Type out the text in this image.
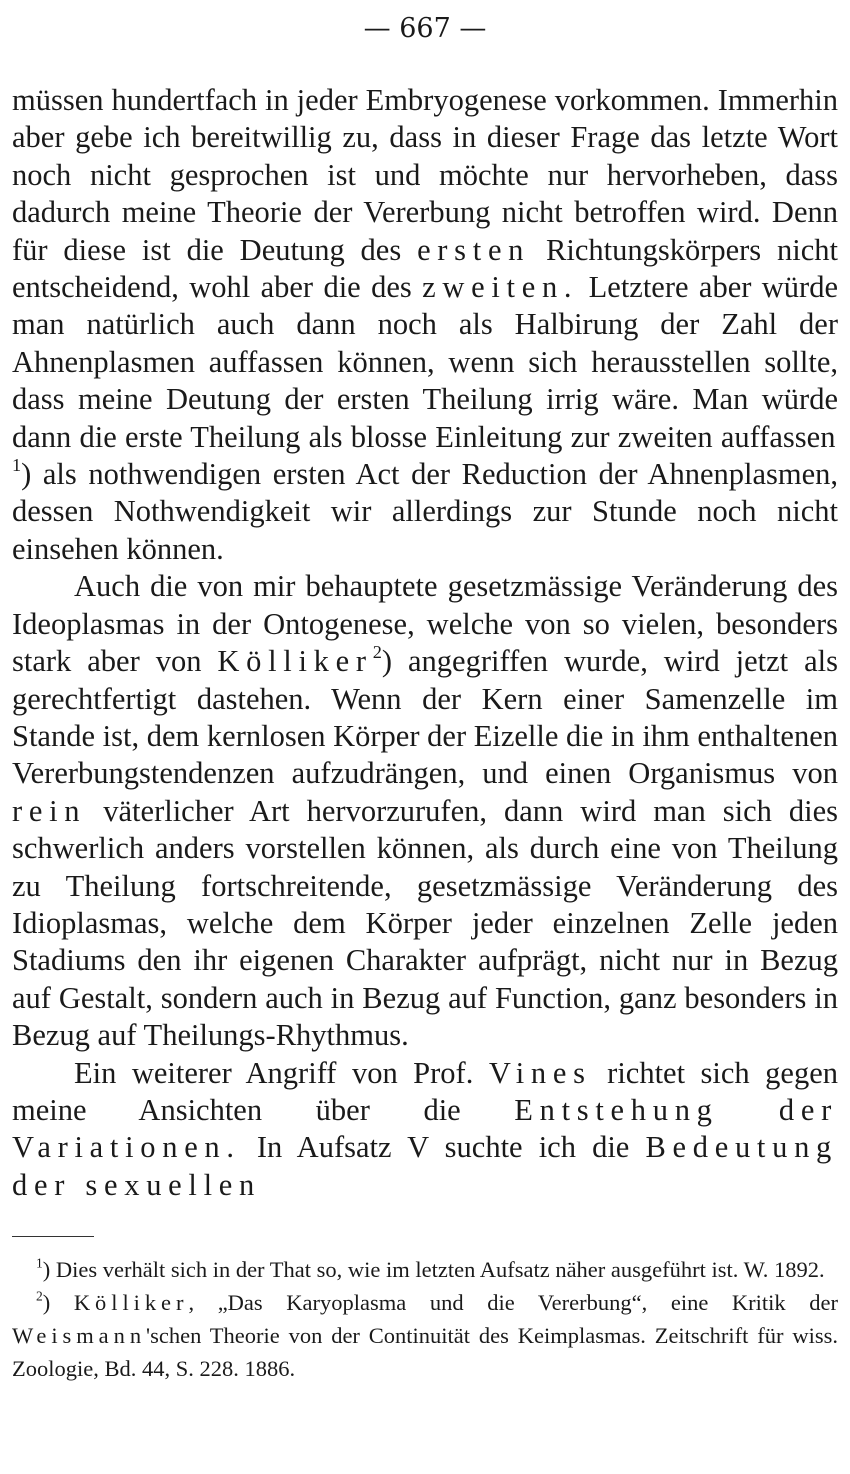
— 667 —

müssen hundertfach in jeder Embryogenese vorkommen. Immerhin aber gebe ich bereitwillig zu, dass in dieser Frage das letzte Wort noch nicht gesprochen ist und möchte nur hervorheben, dass dadurch meine Theorie der Vererbung nicht betroffen wird. Denn für diese ist die Deutung des ersten Richtungskörpers nicht entscheidend, wohl aber die des zweiten. Letztere aber würde man natürlich auch dann noch als Halbirung der Zahl der Ahnenplasmen auffassen können, wenn sich herausstellen sollte, dass meine Deutung der ersten Theilung irrig wäre. Man würde dann die erste Theilung als blosse Einleitung zur zweiten auffassen $^1$) als nothwendigen ersten Act der Reduction der Ahnenplasmen, dessen Nothwendigkeit wir allerdings zur Stunde noch nicht einsehen können.

Auch die von mir behauptete gesetzmässige Veränderung des Ideoplasmas in der Ontogenese, welche von so vielen, besonders stark aber von Kölliker$^2$) angegriffen wurde, wird jetzt als gerechtfertigt dastehen. Wenn der Kern einer Samenzelle im Stande ist, dem kernlosen Körper der Eizelle die in ihm enthaltenen Vererbungstendenzen aufzudrängen, und einen Organismus von rein väterlicher Art hervorzurufen, dann wird man sich dies schwerlich anders vorstellen können, als durch eine von Theilung zu Theilung fortschreitende, gesetzmässige Veränderung des Idioplasmas, welche dem Körper jeder einzelnen Zelle jeden Stadiums den ihr eigenen Charakter aufprägt, nicht nur in Bezug auf Gestalt, sondern auch in Bezug auf Function, ganz besonders in Bezug auf Theilungs-Rhythmus.

Ein weiterer Angriff von Prof. Vines richtet sich gegen meine Ansichten über die Entstehung der Variationen. In Aufsatz V suchte ich die Bedeutung der sexuellen

$^1$) Dies verhält sich in der That so, wie im letzten Aufsatz näher ausgeführt ist. W. 1892.

$^2$) Kölliker, „Das Karyoplasma und die Vererbung“, eine Kritik der Weismann'schen Theorie von der Continuität des Keimplasmas. Zeitschrift für wiss. Zoologie, Bd. 44, S. 228. 1886.
